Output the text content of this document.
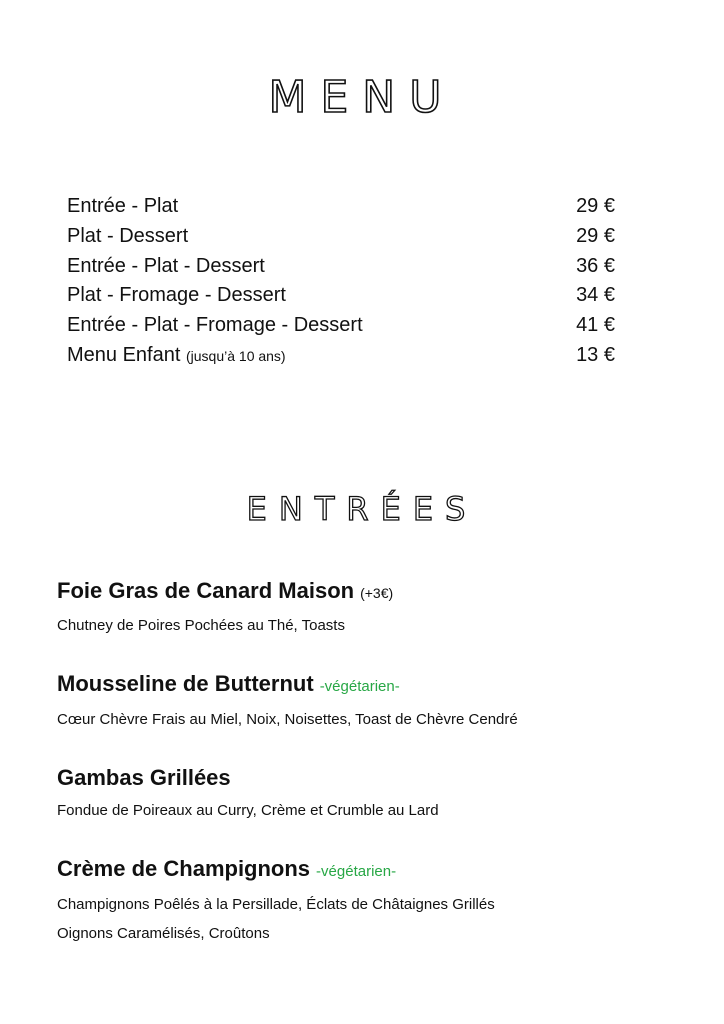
MENU
Entrée - Plat	29 €
Plat - Dessert	29 €
Entrée - Plat - Dessert	36 €
Plat - Fromage - Dessert	34 €
Entrée - Plat - Fromage - Dessert	41 €
Menu Enfant (jusqu’à 10 ans)	13 €
ENTRÉES
Foie Gras de Canard Maison (+3€)
Chutney de Poires Pochées au Thé, Toasts
Mousseline de Butternut -végétarien-
Cœur Chèvre Frais au Miel, Noix, Noisettes, Toast de Chèvre Cendré
Gambas Grillées
Fondue de Poireaux au Curry, Crème et Crumble au Lard
Crème de Champignons -végétarien-
Champignons Poêlés à la Persillade, Éclats de Châtaignes Grillés
Oignons Caramélisés, Croûtons
